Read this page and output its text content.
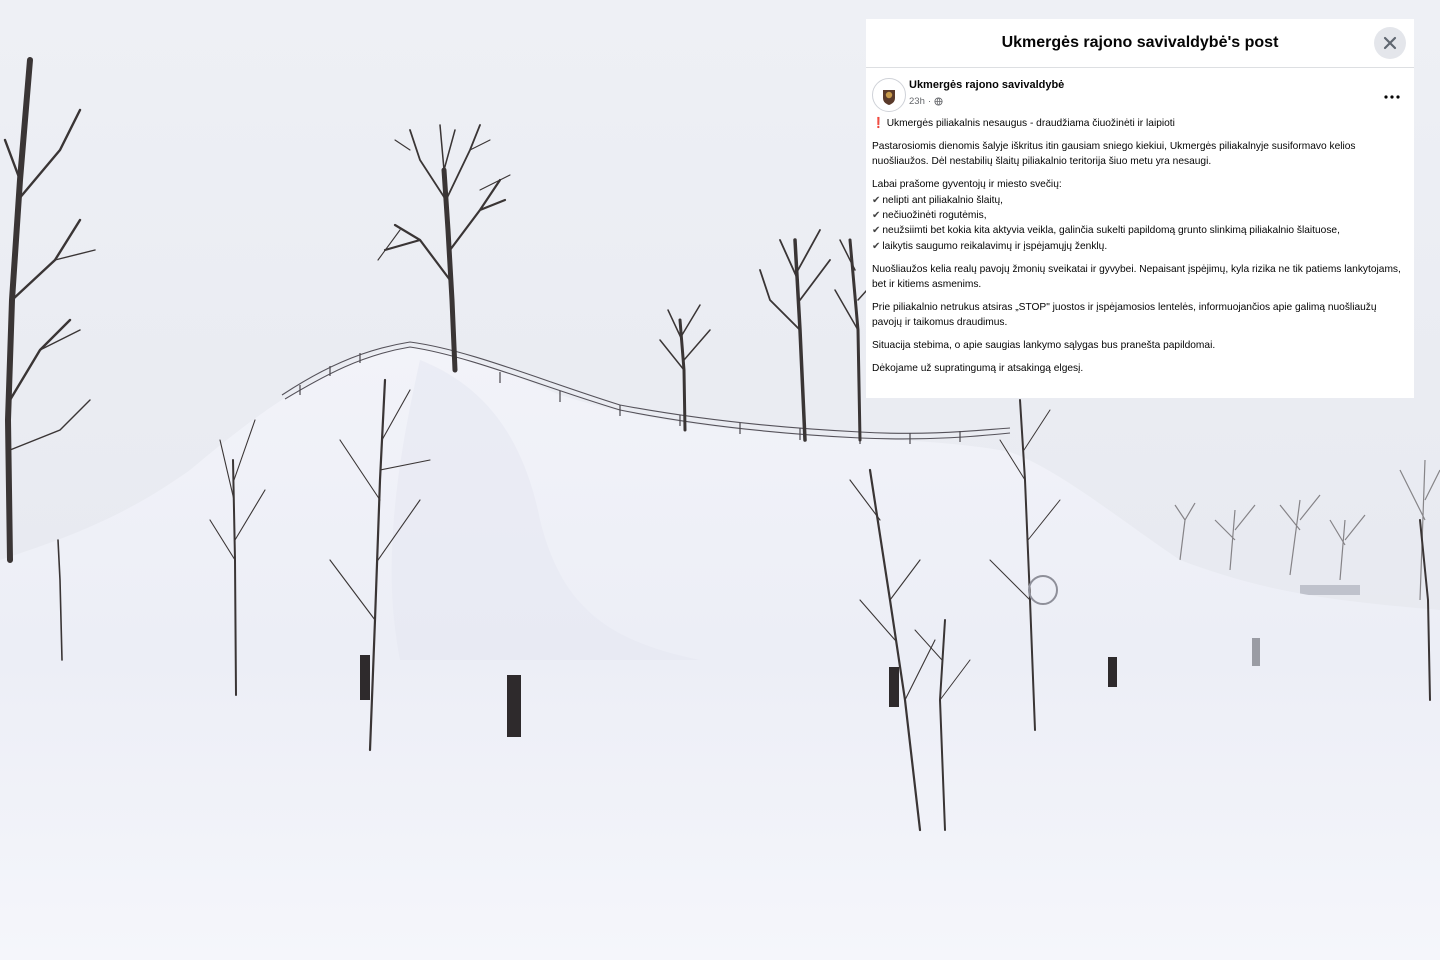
Ukmergės rajono savivaldybė's post
Ukmergės rajono savivaldybė
23h ·

❗ Ukmergės piliakalnis nesaugus - draudžiama čiuožinėti ir laipioti

Pastarosiomis dienomis šalyje iškritus itin gausiam sniego kiekiui, Ukmergės piliakalnyje susiformavo kelios nuošliaužos. Dėl nestabilių šlaitų piliakalnio teritorija šiuo metu yra nesaugi.

Labai prašome gyventojų ir miesto svečių:
✔ nelipti ant piliakalnio šlaitų,
✔ nečiuožinėti rogutėmis,
✔ neužsiimti bet kokia kita aktyvia veikla, galinčia sukelti papildomą grunto slinkimą piliakalnio šlaituose,
✔ laikytis saugumo reikalavimų ir įspėjamųjų ženklų.

Nuošliaužos kelia realų pavojų žmonių sveikatai ir gyvybei. Nepaisant įspėjimų, kyla rizika ne tik patiems lankytojams, bet ir kitiems asmenims.

Prie piliakalnio netrukus atsiras „STOP" juostos ir įspėjamosios lentelės, informuojančios apie galimą nuošliaužų pavojų ir taikomus draudimus.

Situacija stebima, o apie saugias lankymo sąlygas bus pranešta papildomai.

Dėkojame už supratingumą ir atsakingą elgesį.
